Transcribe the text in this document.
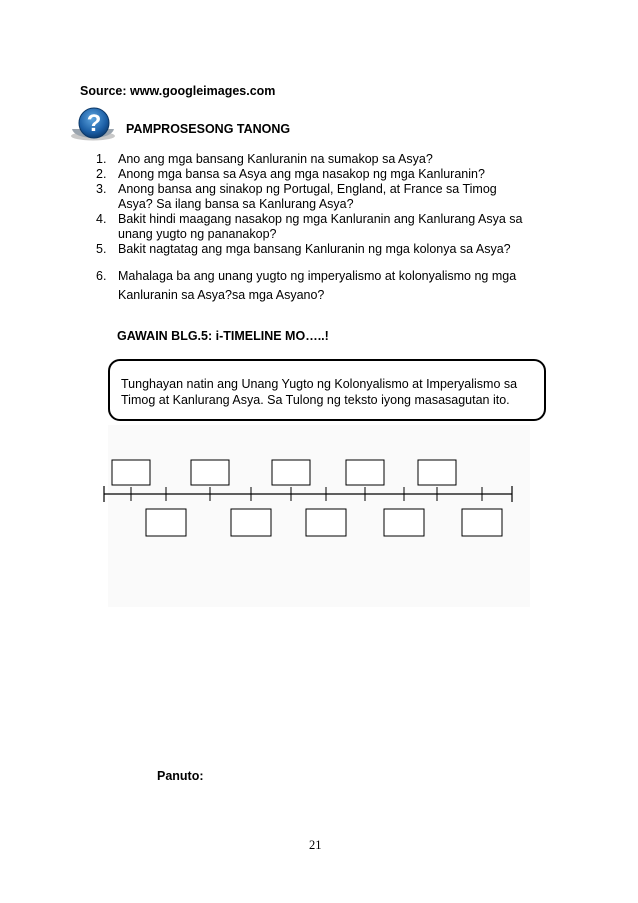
Source: www.googleimages.com
? PAMPROSESONG TANONG
1. Ano ang mga bansang Kanluranin na sumakop sa Asya?
2. Anong mga bansa sa Asya ang mga nasakop ng mga Kanluranin?
3. Anong bansa ang sinakop ng Portugal, England, at France sa Timog
Asya? Sa ilang bansa sa Kanlurang Asya?
4. Bakit hindi maagang nasakop ng mga Kanluranin ang Kanlurang Asya sa
unang yugto ng pananakop?
5. Bakit nagtatag ang mga bansang Kanluranin ng mga kolonya sa Asya?
6. Mahalaga ba ang unang yugto ng imperyalismo at kolonyalismo ng mga
Kanluranin sa Asya?sa mga Asyano?
GAWAIN BLG.5: i-TIMELINE MO…..!
Tunghayan natin ang Unang Yugto ng Kolonyalismo at Imperyalismo sa
Timog at Kanlurang Asya. Sa Tulong ng teksto iyong masasagutan ito.
Panuto:
21
